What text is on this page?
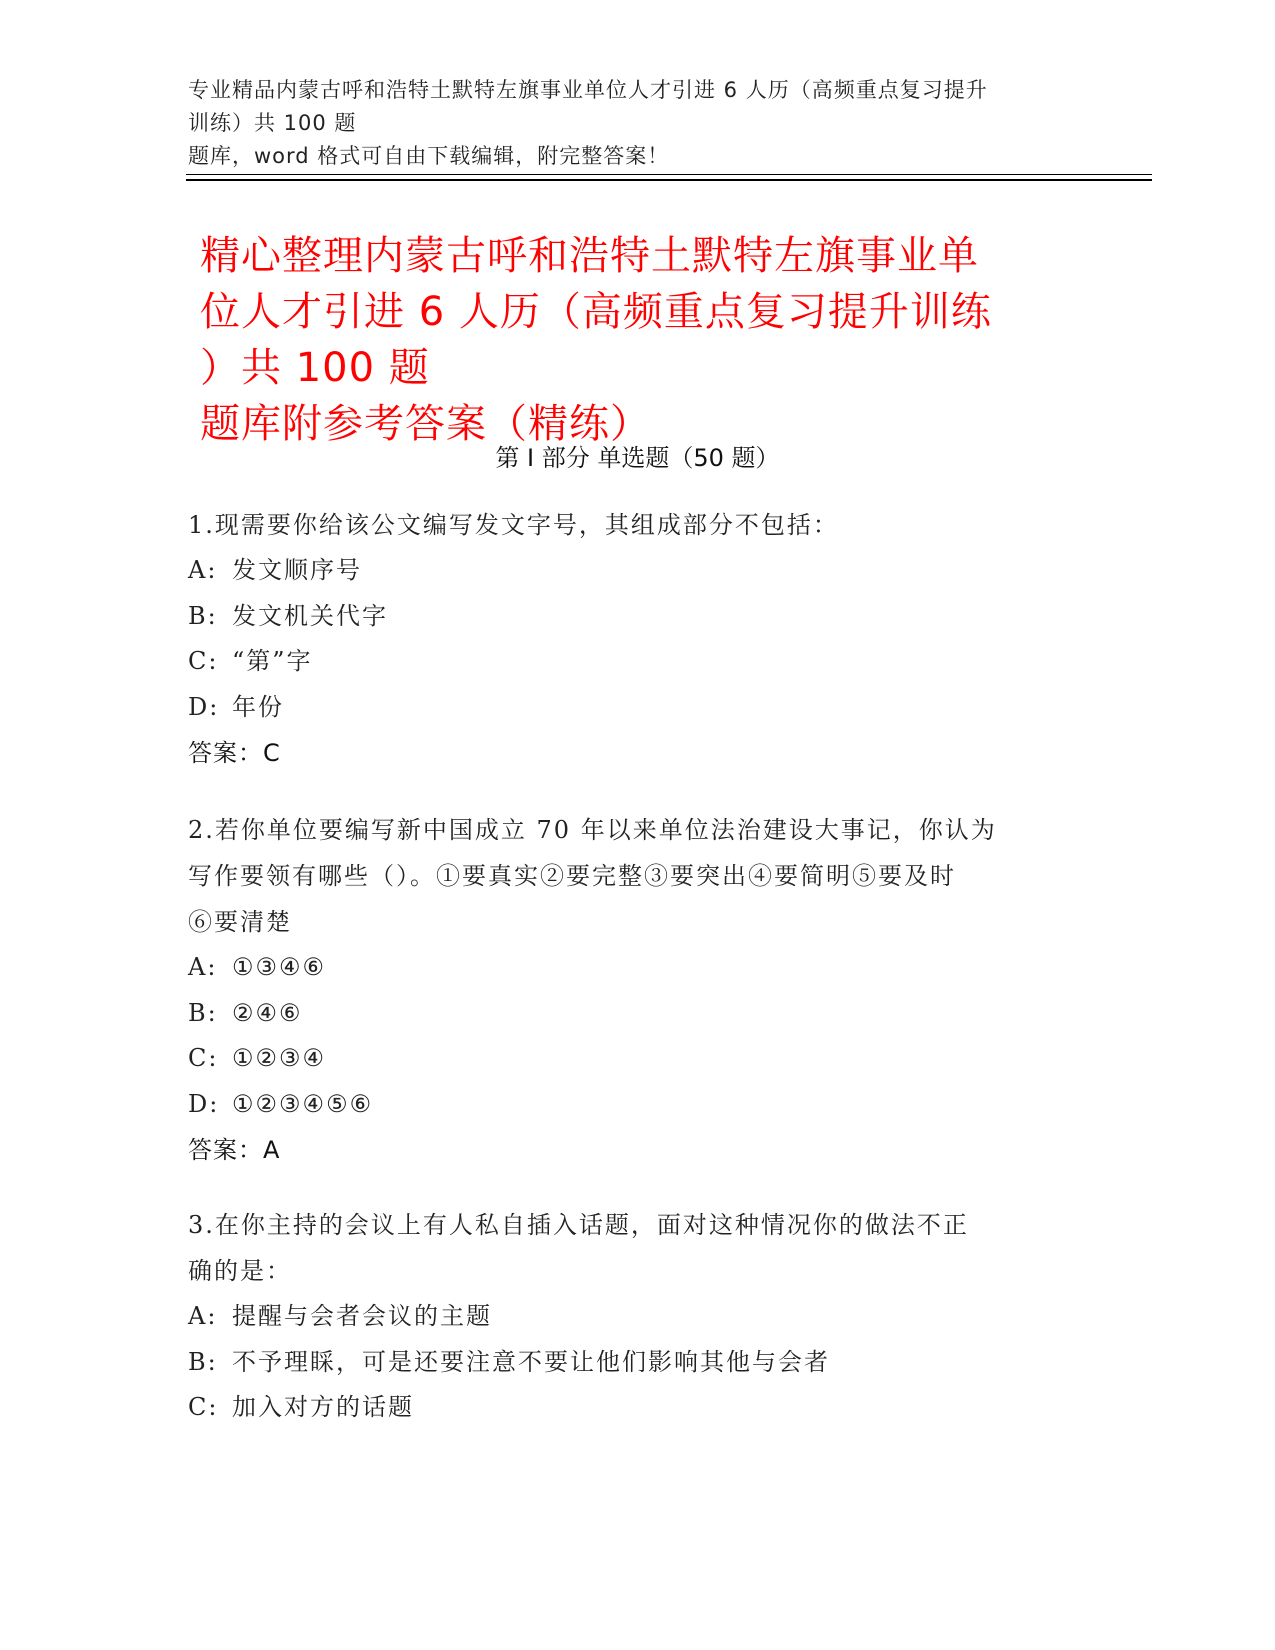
专业精品内蒙古呼和浩特土默特左旗事业单位人才引进 6 人历（高频重点复习提升
训练）共 100 题
题库，word 格式可自由下载编辑，附完整答案！
精心整理内蒙古呼和浩特土默特左旗事业单
位人才引进 6 人历（高频重点复习提升训练
）共 100 题
题库附参考答案（精练）
第 I 部分 单选题（50 题）
1.现需要你给该公文编写发文字号，其组成部分不包括：
A: 发文顺序号
B: 发文机关代字
C: “第”字
D: 年份
答案：C
2.若你单位要编写新中国成立 70 年以来单位法治建设大事记，你认为
写作要领有哪些（）。①要真实②要完整③要突出④要简明⑤要及时
⑥要清楚
A: ①③④⑥
B: ②④⑥
C: ①②③④
D: ①②③④⑤⑥
答案：A
3.在你主持的会议上有人私自插入话题，面对这种情况你的做法不正
确的是：
A: 提醒与会者会议的主题
B: 不予理睬，可是还要注意不要让他们影响其他与会者
C: 加入对方的话题
